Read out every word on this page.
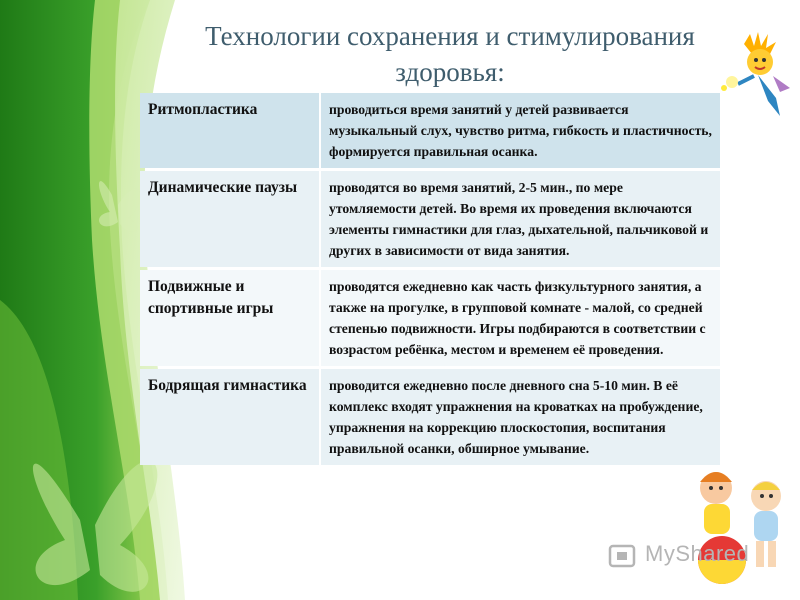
MyShared
Технологии сохранения и стимулирования
здоровья:
Ритмопластика	проводиться время занятий у детей развивается музыкальный слух, чувство ритма, гибкость и пластичность, формируется правильная осанка.
Динамические паузы	проводятся во время занятий, 2-5 мин., по мере утомляемости детей. Во время их проведения включаются элементы гимнастики для глаз, дыхательной, пальчиковой и других в зависимости от вида занятия.
Подвижные и спортивные игры	проводятся ежедневно как часть физкультурного занятия, а также на прогулке, в групповой комнате - малой, со средней степенью подвижности. Игры подбираются в соответствии с возрастом ребёнка, местом и временем её проведения.
Бодрящая гимнастика	проводится ежедневно после дневного сна 5-10 мин. В её комплекс входят упражнения на кроватках на пробуждение, упражнения на коррекцию плоскостопия, воспитания правильной осанки, обширное умывание.
